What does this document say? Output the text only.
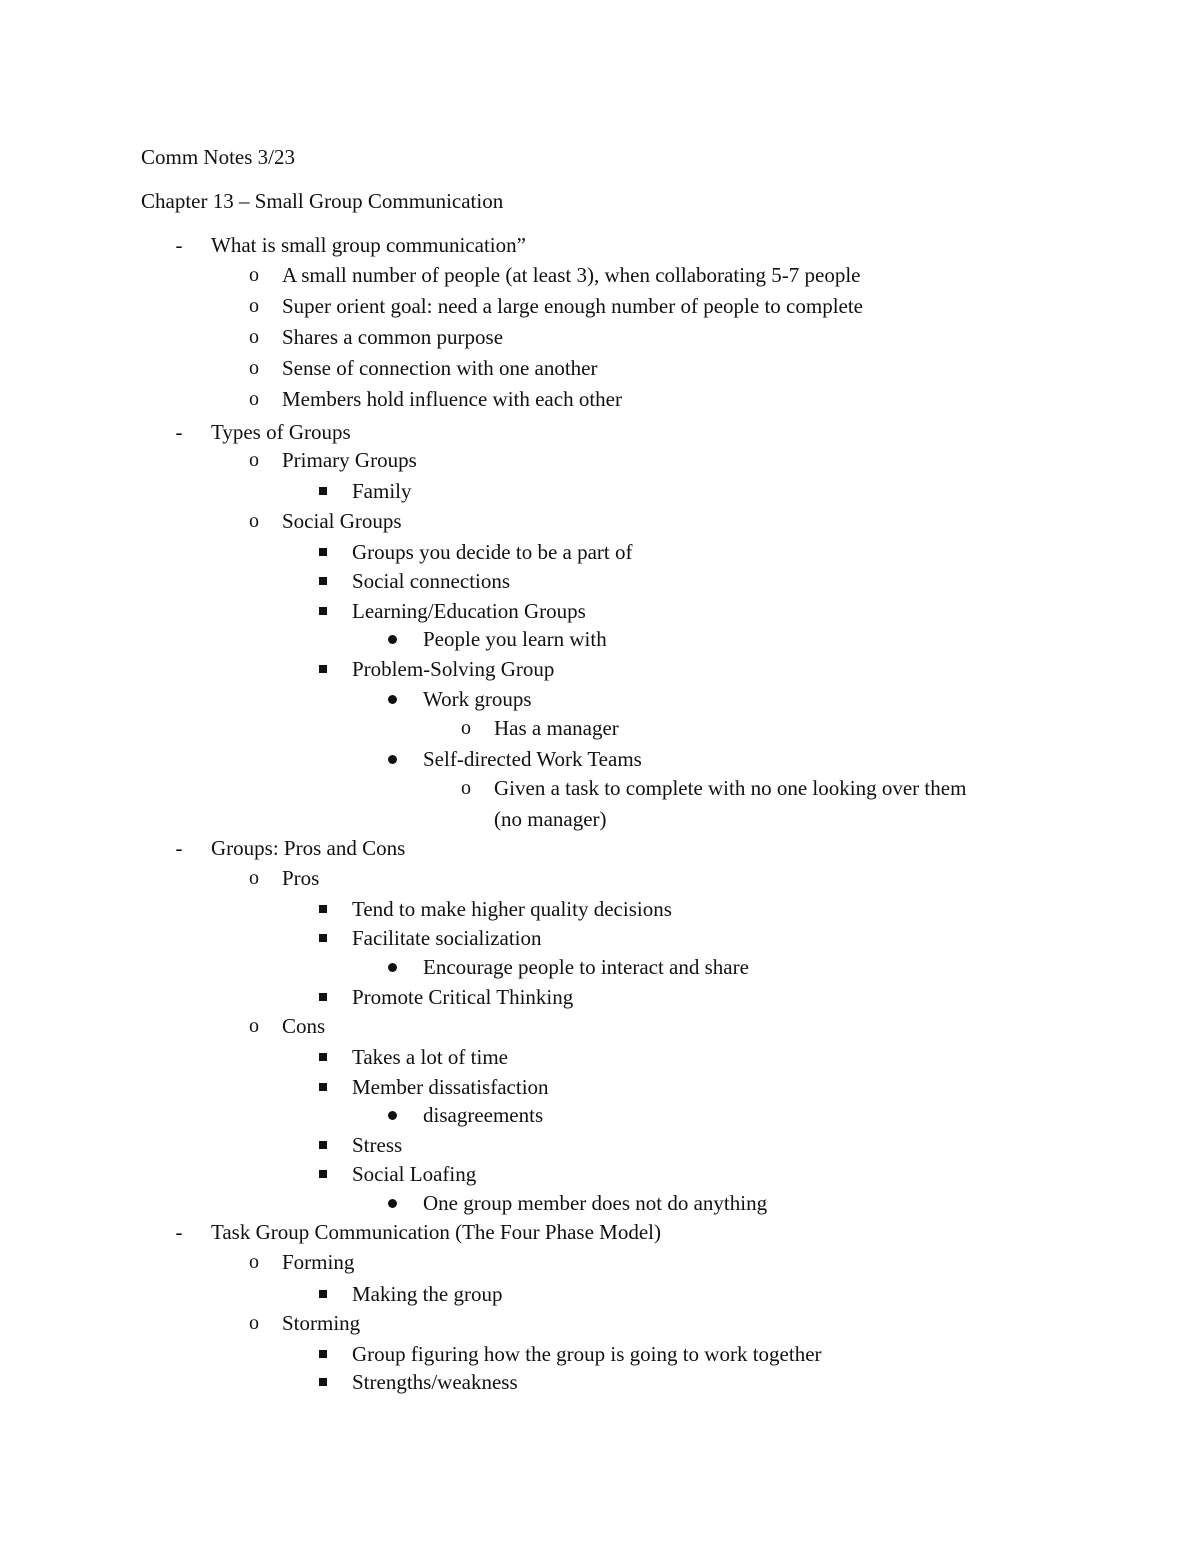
Comm Notes 3/23
Chapter 13 – Small Group Communication
- What is small group communication”
o A small number of people (at least 3), when collaborating 5-7 people
o Super orient goal: need a large enough number of people to complete
o Shares a common purpose
o Sense of connection with one another
o Members hold influence with each other
- Types of Groups
o Primary Groups
Family
o Social Groups
Groups you decide to be a part of
Social connections
Learning/Education Groups
People you learn with
Problem-Solving Group
Work groups
o Has a manager
Self-directed Work Teams
o Given a task to complete with no one looking over them
(no manager)
- Groups: Pros and Cons
o Pros
Tend to make higher quality decisions
Facilitate socialization
Encourage people to interact and share
Promote Critical Thinking
o Cons
Takes a lot of time
Member dissatisfaction
disagreements
Stress
Social Loafing
One group member does not do anything
- Task Group Communication (The Four Phase Model)
o Forming
Making the group
o Storming
Group figuring how the group is going to work together
Strengths/weakness
